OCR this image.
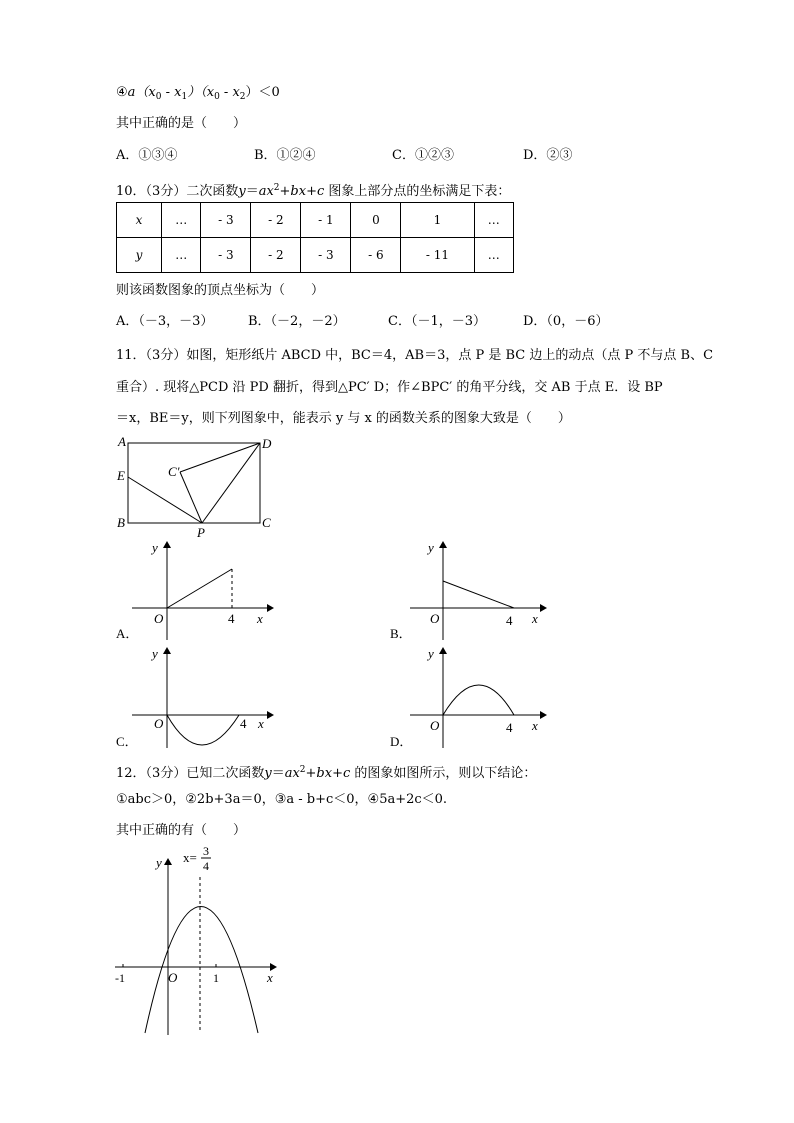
$④a(x_0 - x_1)(x_0 - x_2)<0$
其中正确的是（　　）
A．①③④	B．①②④	C．①②③	D．②③
10．（3分）二次函数$y=ax^2+bx+c$ 图象上部分点的坐标满足下表：
x	…	- 3	- 2	- 1	0	1	…
y	…	- 3	- 2	- 3	- 6	- 11	…
则该函数图象的顶点坐标为（　　）
A．（－3，－3）	B．（－2，－2）	C．（－1，－3）	D．（0，－6）
11．（3分）如图，矩形纸片 ABCD 中，BC＝4，AB＝3，点 P 是 BC 边上的动点（点 P 不与点 B、C
重合）. 现将△PCD 沿 PD 翻折，得到△PC′ D；作∠BPC′ 的角平分线，交 AB 于点 E．设 BP
＝x，BE＝y，则下列图象中，能表示 y 与 x 的函数关系的图象大致是（　　）
A	D
E	C'
B	C
P
y
O	4 x
A．
y
O	4 x
B．
y
O	4 x
C．
y
O	4 x
D．
12．（3分）已知二次函数$y=ax^2+bx+c$ 的图象如图所示，则以下结论：
①abc＞0，②2b+3a＝0，③a - b+c＜0，④5a+2c＜0.
其中正确的有（　　）
x= 3
4
y
-1	O	1	x
